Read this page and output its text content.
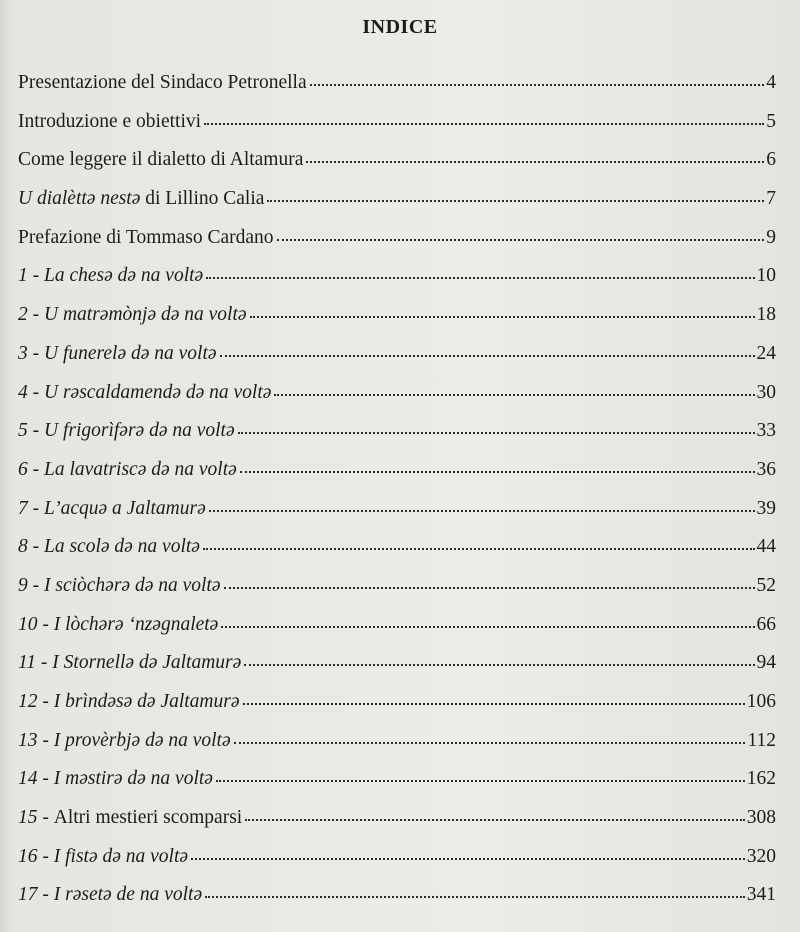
INDICE
Presentazione del Sindaco Petronella	4
Introduzione e obiettivi	5
Come leggere il dialetto di Altamura	6
U dialèttə nestə di Lillino Calia	7
Prefazione di Tommaso Cardano	9
1 - La chesə də na voltə	10
2 - U matrəmònjə də na voltə	18
3 - U funerelə də na voltə	24
4 - U rəscaldamendə də na voltə	30
5 - U frigorìfərə də na voltə	33
6 - La lavatriscə də na voltə	36
7 - L’acquə a Jaltamurə	39
8 - La scolə də na voltə	44
9 - I sciòchərə də na voltə	52
10 - I lòchərə ‘nzəgnaletə	66
11 - I Stornellə də Jaltamurə	94
12 - I brìndəsə də Jaltamurə	106
13 - I provèrbjə də na voltə	112
14 - I məstirə də na voltə	162
15 - Altri mestieri scomparsi	308
16 - I fistə də na voltə	320
17 - I rəsetə de na voltə	341
